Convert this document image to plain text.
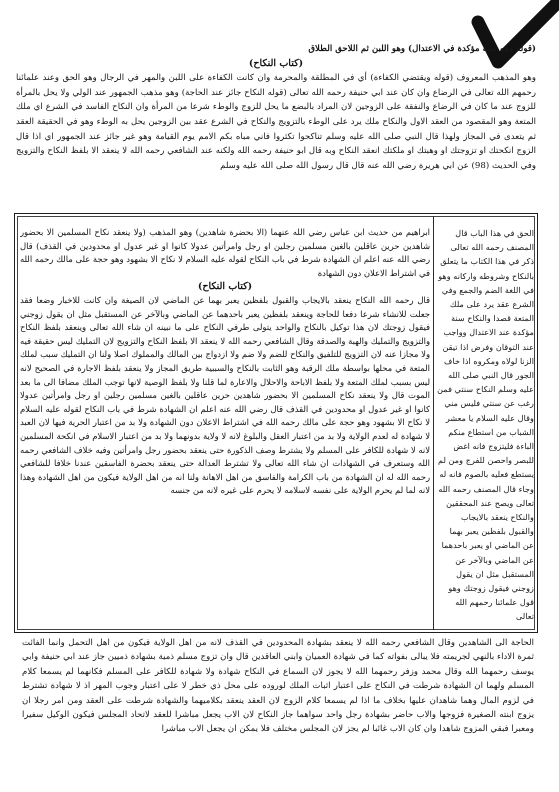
(قوله وهو سنة مؤكدة في الاعتدال) وهو اللبن ثم اللاحق الطلاق
(كتاب النكاح)
وهو المذهب المعروف (قوله ويقتضي الكفاءة) أي في المطلقة والمحرمة وان كانت الكفاءة على اللبن والمهر في الرجال وهو الحق وعند علمائنا رحمهم الله تعالى في الرضاع وان كان عند ابي حنيفة رحمه الله تعالى (قوله النكاح جائز عند الحاجة) وهو مذهب الجمهور عند الولي ولا يحل بالمرأة للزوج عند ما كان في الرضاع والنفقة على الزوجين لان المراد بالبضع ما يحل للزوج والوطء شرعا من المرأة وان النكاح الفاسد في الشرع اي ملك المتعة وهو المقصود من العقد الاول والنكاح ملك يرد على الوطء بالتزويج والنكاح في الشرع عقد بين الزوجين يحل به الوطء وهو في الحقيقة العقد ثم يتعدى في المجاز ولهذا قال النبي صلى الله عليه وسلم تناكحوا تكثروا فاني مباه بكم الامم يوم القيامة وهو غير جائز عند الجمهور اي اذا قال الزوج انكحتك او تزوجتك او وهبتك او ملكتك انعقد النكاح وبه قال ابو حنيفة رحمه الله ولكنه عند الشافعي رحمه الله لا ينعقد الا بلفظ النكاح والتزويج وفي الحديث (98) عن ابي هريرة رضي الله عنه قال قال رسول الله صلى الله عليه وسلم
الحق في هذا الباب قال المصنف رحمه الله تعالى ذكر في هذا الكتاب ما يتعلق بالنكاح وشروطه واركانه وهو في اللغة الضم والجمع وفي الشرع عقد يرد على ملك المتعة قصدا والنكاح سنة مؤكدة عند الاعتدال وواجب عند التوقان وفرض اذا تيقن الزنا لولاه ومكروه اذا خاف الجور قال النبي صلى الله عليه وسلم النكاح سنتي فمن رغب عن سنتي فليس مني وقال عليه السلام يا معشر الشباب من استطاع منكم الباءة فليتزوج فانه اغض للبصر واحصن للفرج ومن لم يستطع فعليه بالصوم فانه له وجاء قال المصنف رحمه الله تعالى ويصح عند المحققين والنكاح ينعقد بالايجاب والقبول بلفظين يعبر بهما عن الماضي او يعبر باحدهما عن الماضي وبالآخر عن المستقبل مثل ان يقول زوجني فيقول زوجتك وهو قول علمائنا رحمهم الله تعالى
ابراهيم من حديث ابن عباس رضي الله عنهما (الا بحضرة شاهدين) وهو المذهب (ولا ينعقد نكاح المسلمين الا بحضور شاهدين حرين عاقلين بالغين مسلمين رجلين او رجل وامرأتين عدولا كانوا او غير عدول او محدودين في القذف) قال رضي الله عنه اعلم ان الشهادة شرط في باب النكاح لقوله عليه السلام لا نكاح الا بشهود وهو حجة على مالك رحمه الله في اشتراط الاعلان دون الشهادة
(كتاب النكاح)
قال رحمه الله النكاح ينعقد بالايجاب والقبول بلفظين يعبر بهما عن الماضي لان الصيغة وان كانت للاخبار وضعا فقد جعلت للانشاء شرعا دفعا للحاجة وينعقد بلفظين يعبر باحدهما عن الماضي وبالآخر عن المستقبل مثل ان يقول زوجني فيقول زوجتك لان هذا توكيل بالنكاح والواحد يتولى طرفي النكاح على ما نبينه ان شاء الله تعالى وينعقد بلفظ النكاح والتزويج والتمليك والهبة والصدقة وقال الشافعي رحمه الله لا ينعقد الا بلفظ النكاح والتزويج لان التمليك ليس حقيقة فيه ولا مجازا عنه لان التزويج للتلفيق والنكاح للضم ولا ضم ولا ازدواج بين المالك والمملوك اصلا ولنا ان التمليك سبب لملك المتعة في محلها بواسطة ملك الرقبة وهو الثابت بالنكاح والسببية طريق المجاز ولا ينعقد بلفظ الاجارة في الصحيح لانه ليس بسبب لملك المتعة ولا بلفظ الاباحة والاحلال والاعارة لما قلنا ولا بلفظ الوصية لانها توجب الملك مضافا الى ما بعد الموت قال ولا ينعقد نكاح المسلمين الا بحضور شاهدين حرين عاقلين بالغين مسلمين رجلين او رجل وامرأتين عدولا كانوا او غير عدول او محدودين في القذف قال رضي الله عنه اعلم ان الشهادة شرط في باب النكاح لقوله عليه السلام لا نكاح الا بشهود وهو حجة على مالك رحمه الله في اشتراط الاعلان دون الشهادة ولا بد من اعتبار الحرية فيها لان العبد لا شهادة له لعدم الولاية ولا بد من اعتبار العقل والبلوغ لانه لا ولاية بدونهما ولا بد من اعتبار الاسلام في انكحة المسلمين لانه لا شهادة للكافر على المسلم ولا يشترط وصف الذكورة حتى ينعقد بحضور رجل وامرأتين وفيه خلاف الشافعي رحمه الله وستعرف في الشهادات ان شاء الله تعالى ولا تشترط العدالة حتى ينعقد بحضرة الفاسقين عندنا خلافا للشافعي رحمه الله له ان الشهادة من باب الكرامة والفاسق من اهل الاهانة ولنا انه من اهل الولاية فيكون من اهل الشهادة وهذا لانه لما لم يحرم الولاية على نفسه لاسلامه لا يحرم على غيره لانه من جنسه
الحاجة الى الشاهدين وقال الشافعي رحمه الله لا ينعقد بشهادة المحدودين في القذف لانه من اهل الولاية فيكون من اهل التحمل وانما الفائت ثمرة الاداء بالنهي لجريمته فلا يبالى بفواته كما في شهادة العميان وابني العاقدين قال وان تزوج مسلم ذمية بشهادة ذميين جاز عند ابي حنيفة وابي يوسف رحمهما الله وقال محمد وزفر رحمهما الله لا يجوز لان السماع في النكاح شهادة ولا شهادة للكافر على المسلم فكانهما لم يسمعا كلام المسلم ولهما ان الشهادة شرطت في النكاح على اعتبار اثبات الملك لوروده على محل ذي خطر لا على اعتبار وجوب المهر اذ لا شهادة تشترط في لزوم المال وهما شاهدان عليها بخلاف ما اذا لم يسمعا كلام الزوج لان العقد ينعقد بكلاميهما والشهادة شرطت على العقد ومن امر رجلا ان يزوج ابنته الصغيرة فزوجها والاب حاضر بشهادة رجل واحد سواهما جاز النكاح لان الاب يجعل مباشرا للعقد لاتحاد المجلس فيكون الوكيل سفيرا ومعبرا فبقي المزوج شاهدا وان كان الاب غائبا لم يجز لان المجلس مختلف فلا يمكن ان يجعل الاب مباشرا
